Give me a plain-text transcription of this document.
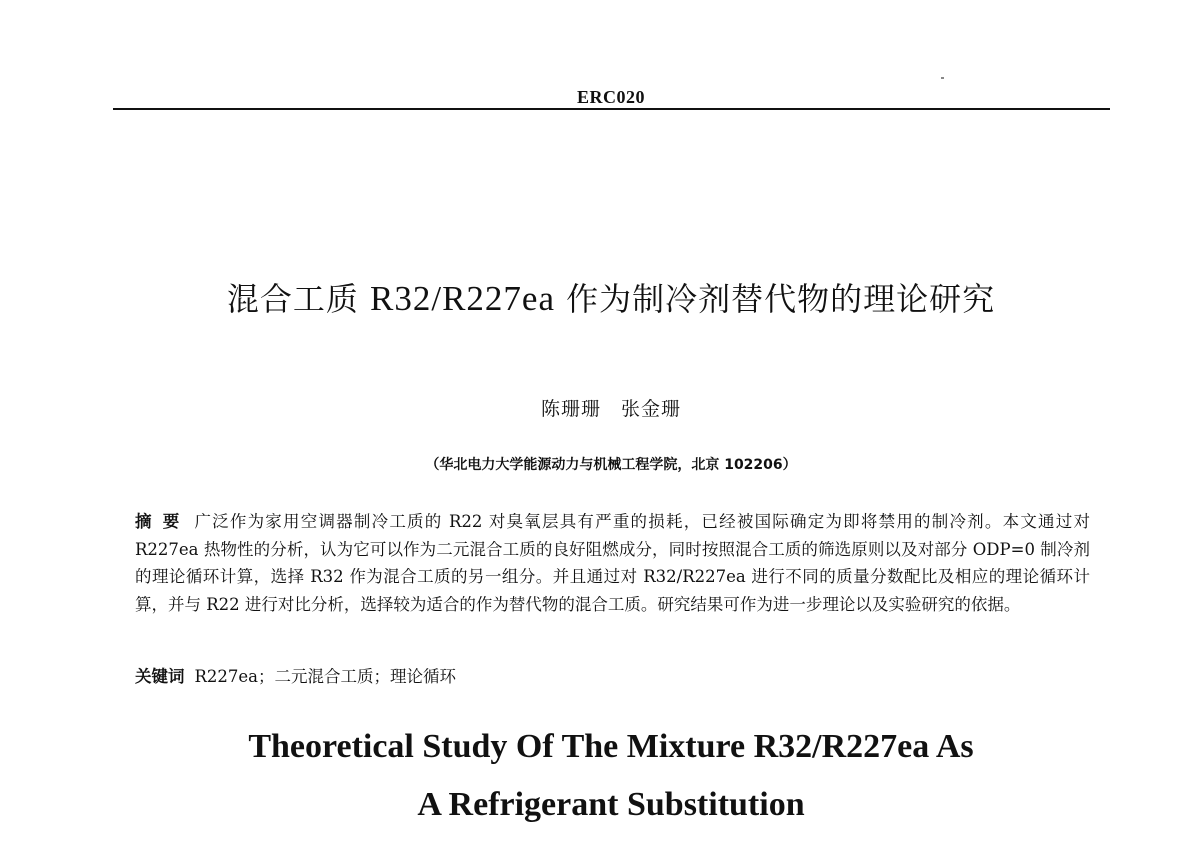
ERC020
混合工质 R32/R227ea 作为制冷剂替代物的理论研究
陈珊珊　张金珊
（华北电力大学能源动力与机械工程学院，北京 102206）

摘要 广泛作为家用空调器制冷工质的 R22 对臭氧层具有严重的损耗，已经被国际确定为即将禁用的制冷剂。本文通过对 R227ea 热物性的分析，认为它可以作为二元混合工质的良好阻燃成分，同时按照混合工质的筛选原则以及对部分 ODP=0 制冷剂的理论循环计算，选择 R32 作为混合工质的另一组分。并且通过对 R32/R227ea 进行不同的质量分数配比及相应的理论循环计算，并与 R22 进行对比分析，选择较为适合的作为替代物的混合工质。研究结果可作为进一步理论以及实验研究的依据。

关键词 R227ea；二元混合工质；理论循环

Theoretical Study Of The Mixture R32/R227ea As
A Refrigerant Substitution
